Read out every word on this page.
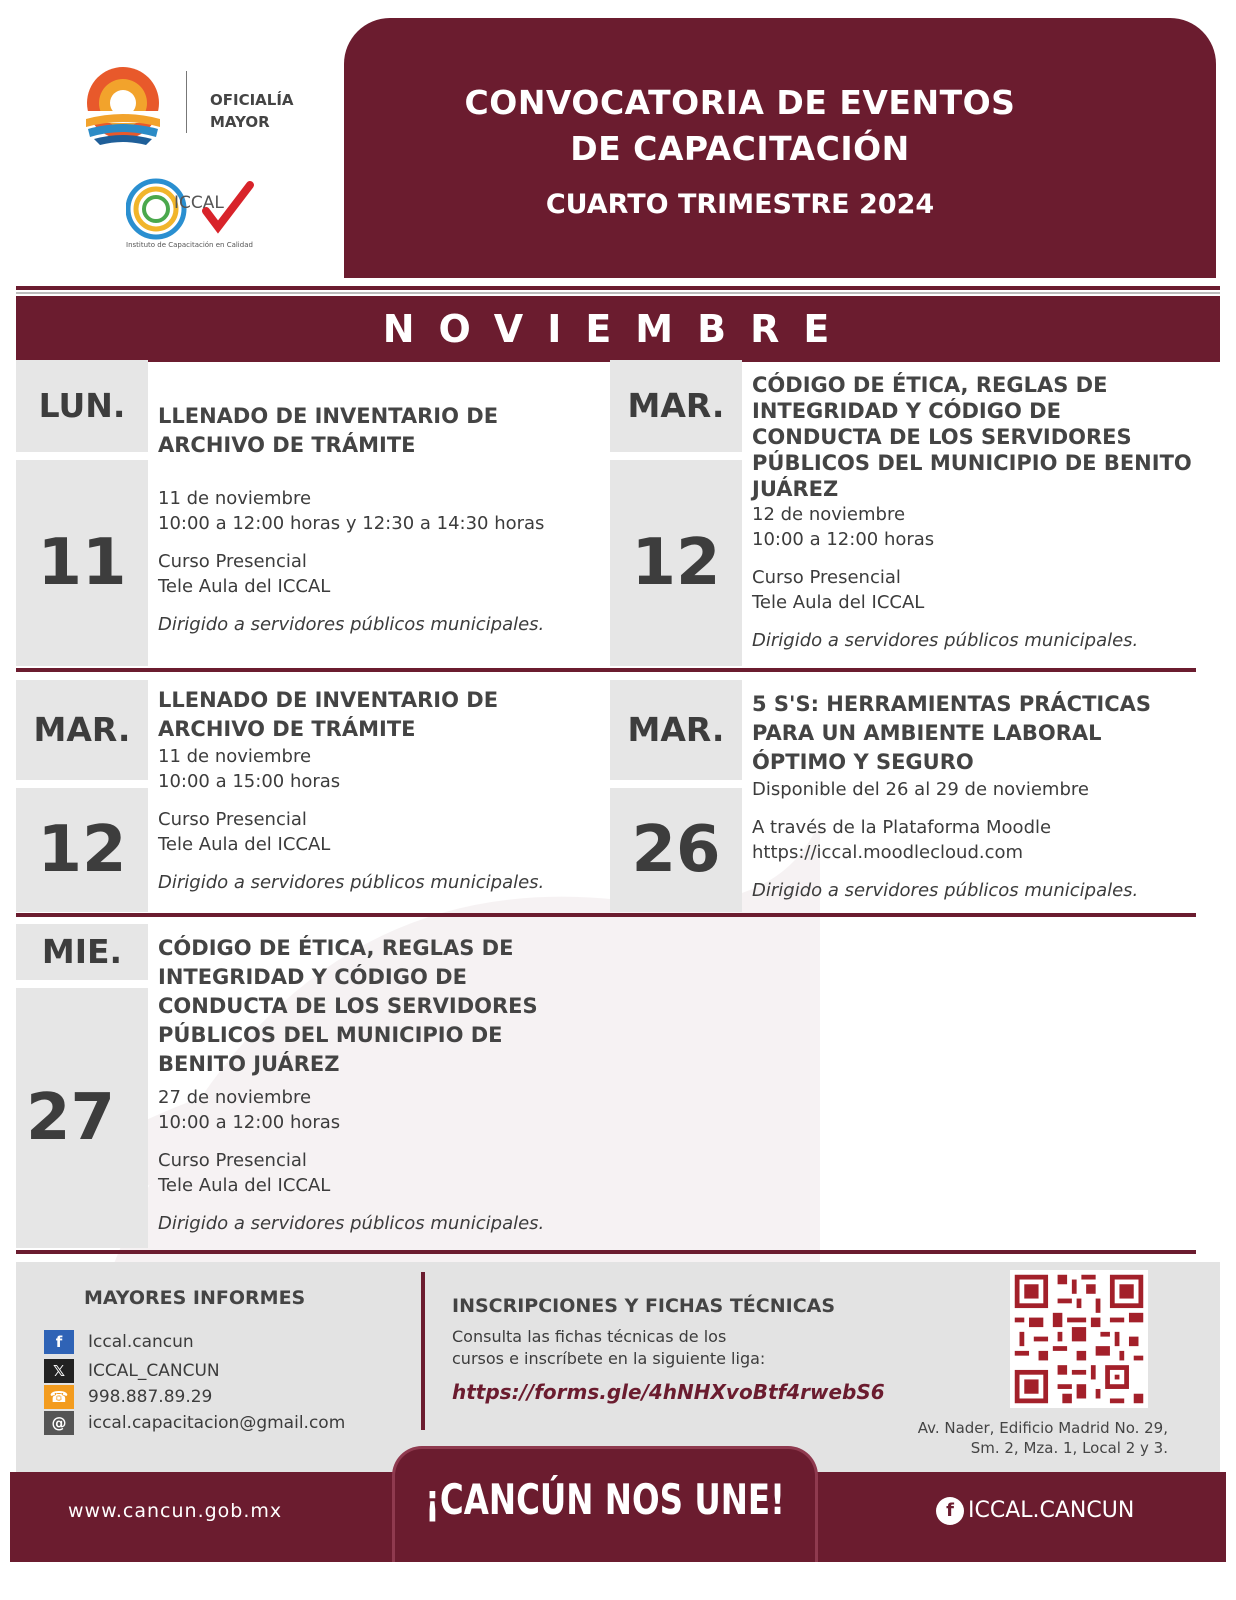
OFICIALÍA
MAYOR
ICCAL
Instituto de Capacitación en Calidad
CONVOCATORIA DE EVENTOS
DE CAPACITACIÓN
CUARTO TRIMESTRE 2024
NOVIEMBRE
LUN.
11
LLENADO DE INVENTARIO DE
ARCHIVO DE TRÁMITE
11 de noviembre
10:00 a 12:00 horas y 12:30 a 14:30 horas
Curso Presencial
Tele Aula del ICCAL
Dirigido a servidores públicos municipales.
MAR.
12
CÓDIGO DE ÉTICA, REGLAS DE
INTEGRIDAD Y CÓDIGO DE
CONDUCTA DE LOS SERVIDORES
PÚBLICOS DEL MUNICIPIO DE BENITO
JUÁREZ
12 de noviembre
10:00 a 12:00 horas
Curso Presencial
Tele Aula del ICCAL
Dirigido a servidores públicos municipales.
MAR.
12
LLENADO DE INVENTARIO DE
ARCHIVO DE TRÁMITE
11 de noviembre
10:00 a 15:00 horas
Curso Presencial
Tele Aula del ICCAL
Dirigido a servidores públicos municipales.
MAR.
26
5 S'S: HERRAMIENTAS PRÁCTICAS
PARA UN AMBIENTE LABORAL
ÓPTIMO Y SEGURO
Disponible del 26 al 29 de noviembre
A través de la Plataforma Moodle
https://iccal.moodlecloud.com
Dirigido a servidores públicos municipales.
MIE.
27
CÓDIGO DE ÉTICA, REGLAS DE
INTEGRIDAD Y CÓDIGO DE
CONDUCTA DE LOS SERVIDORES
PÚBLICOS DEL MUNICIPIO DE
BENITO JUÁREZ
27 de noviembre
10:00 a 12:00 horas
Curso Presencial
Tele Aula del ICCAL
Dirigido a servidores públicos municipales.
MAYORES INFORMES
f	Iccal.cancun
𝕏	ICCAL_CANCUN
☎	998.887.89.29
@	iccal.capacitacion@gmail.com
INSCRIPCIONES Y FICHAS TÉCNICAS
Consulta las fichas técnicas de los
cursos e inscríbete en la siguiente liga:
https://forms.gle/4hNHXvoBtf4rwebS6
Av. Nader, Edificio Madrid No. 29,
Sm. 2, Mza. 1, Local 2 y 3.
www.cancun.gob.mx	¡CANCÚN NOS UNE!	f ICCAL.CANCUN
